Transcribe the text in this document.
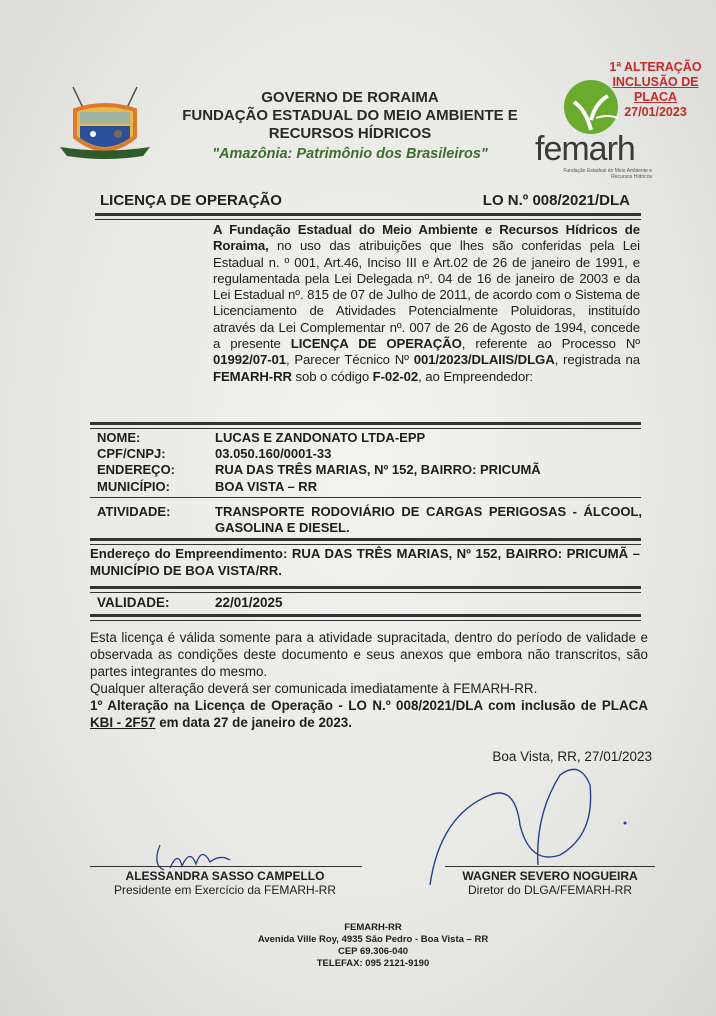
GOVERNO DE RORAIMA
FUNDAÇÃO ESTADUAL DO MEIO AMBIENTE E
RECURSOS HÍDRICOS
"Amazônia: Patrimônio dos Brasileiros"	femarh
Fundação Estadual do Meio Ambiente e Recursos Hídricos
1ª ALTERAÇÃO
INCLUSÃO DE
PLACA
27/01/2023
LICENÇA DE OPERAÇÃO	LO N.º 008/2021/DLA
A Fundação Estadual do Meio Ambiente e Recursos Hídricos de Roraima, no uso das atribuições que lhes são conferidas pela Lei Estadual n. º 001, Art.46, Inciso III e Art.02 de 26 de janeiro de 1991, e regulamentada pela Lei Delegada nº. 04 de 16 de janeiro de 2003 e da Lei Estadual nº. 815 de 07 de Julho de 2011, de acordo com o Sistema de Licenciamento de Atividades Potencialmente Poluidoras, instituído através da Lei Complementar nº. 007 de 26 de Agosto de 1994, concede a presente LICENÇA DE OPERAÇÃO, referente ao Processo Nº 01992/07-01, Parecer Técnico Nº 001/2023/DLAIIS/DLGA, registrada na FEMARH-RR sob o código F-02-02, ao Empreendedor:
NOME:	LUCAS E ZANDONATO LTDA-EPP
CPF/CNPJ:	03.050.160/0001-33
ENDEREÇO:	RUA DAS TRÊS MARIAS, Nº 152, BAIRRO: PRICUMÃ
MUNICÍPIO:	BOA VISTA – RR
ATIVIDADE:	TRANSPORTE RODOVIÁRIO DE CARGAS PERIGOSAS - ÁLCOOL, GASOLINA E DIESEL.
Endereço do Empreendimento: RUA DAS TRÊS MARIAS, Nº 152, BAIRRO: PRICUMÃ – MUNICÍPIO DE BOA VISTA/RR.
VALIDADE:	22/01/2025

Esta licença é válida somente para a atividade supracitada, dentro do período de validade e observada as condições deste documento e seus anexos que embora não transcritos, são partes integrantes do mesmo.

Qualquer alteração deverá ser comunicada imediatamente à FEMARH-RR.

1º Alteração na Licença de Operação - LO N.º 008/2021/DLA com inclusão de PLACA KBI - 2F57 em data 27 de janeiro de 2023.

Boa Vista, RR, 27/01/2023
ALESSANDRA SASSO CAMPELLO
Presidente em Exercício da FEMARH-RR
WAGNER SEVERO NOGUEIRA
Diretor do DLGA/FEMARH-RR
FEMARH-RR
Avenida Ville Roy, 4935 São Pedro - Boa Vista – RR
CEP 69.306-040
TELEFAX: 095 2121-9190
